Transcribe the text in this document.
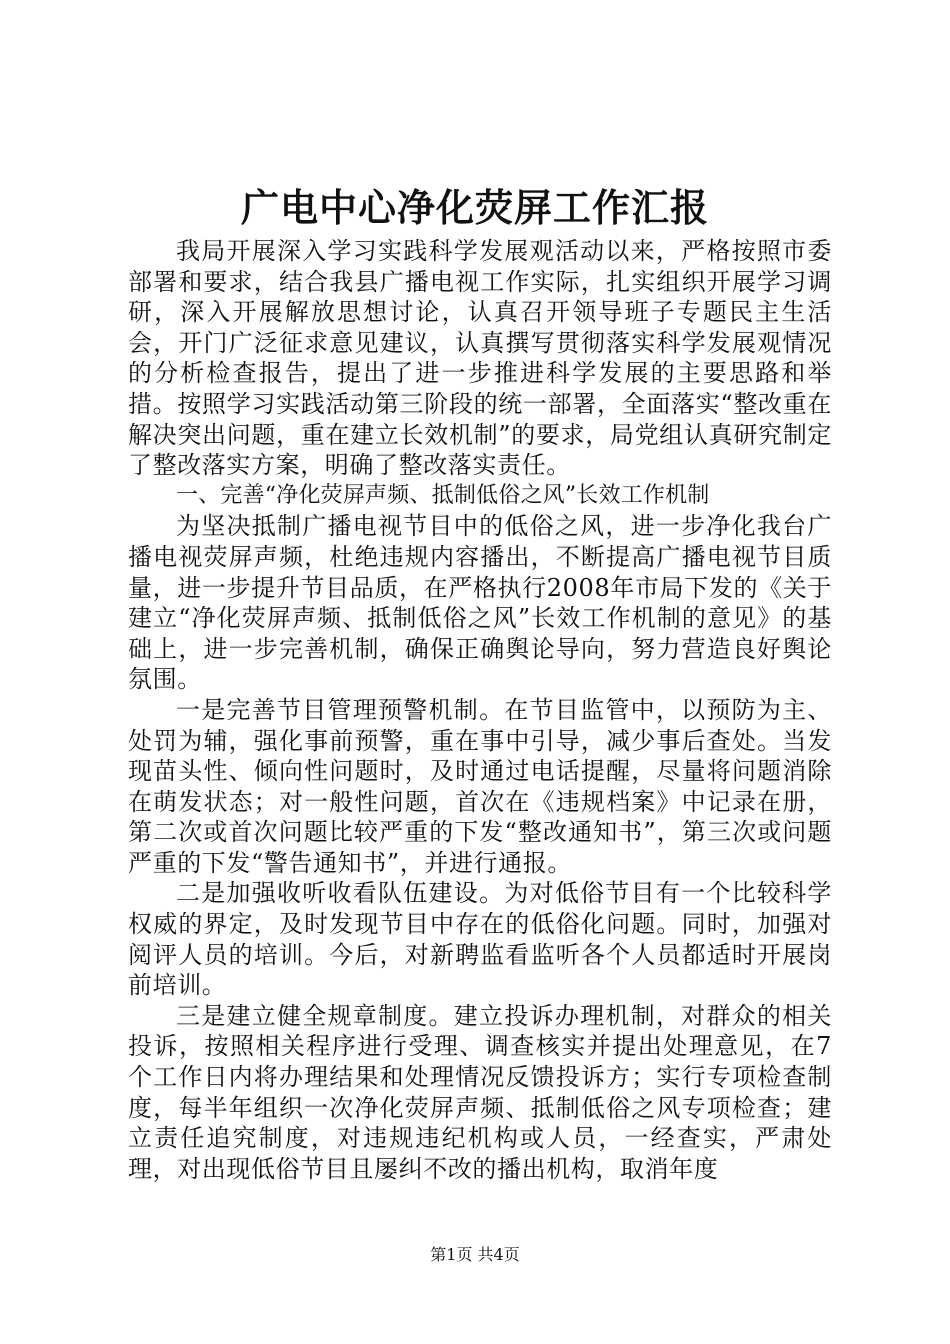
广电中心净化荧屏工作汇报

我局开展深入学习实践科学发展观活动以来，严格按照市委部署和要求，结合我县广播电视工作实际，扎实组织开展学习调研，深入开展解放思想讨论，认真召开领导班子专题民主生活会，开门广泛征求意见建议，认真撰写贯彻落实科学发展观情况的分析检查报告，提出了进一步推进科学发展的主要思路和举措。按照学习实践活动第三阶段的统一部署，全面落实“整改重在解决突出问题，重在建立长效机制”的要求，局党组认真研究制定了整改落实方案，明确了整改落实责任。

一、完善“净化荧屏声频、抵制低俗之风”长效工作机制

为坚决抵制广播电视节目中的低俗之风，进一步净化我台广播电视荧屏声频，杜绝违规内容播出，不断提高广播电视节目质量，进一步提升节目品质，在严格执行2008年市局下发的《关于建立“净化荧屏声频、抵制低俗之风”长效工作机制的意见》的基础上，进一步完善机制，确保正确舆论导向，努力营造良好舆论氛围。

一是完善节目管理预警机制。在节目监管中，以预防为主、处罚为辅，强化事前预警，重在事中引导，减少事后查处。当发现苗头性、倾向性问题时，及时通过电话提醒，尽量将问题消除在萌发状态；对一般性问题，首次在《违规档案》中记录在册，第二次或首次问题比较严重的下发“整改通知书”，第三次或问题严重的下发“警告通知书”，并进行通报。

二是加强收听收看队伍建设。为对低俗节目有一个比较科学权威的界定，及时发现节目中存在的低俗化问题。同时，加强对阅评人员的培训。今后，对新聘监看监听各个人员都适时开展岗前培训。

三是建立健全规章制度。建立投诉办理机制，对群众的相关投诉，按照相关程序进行受理、调查核实并提出处理意见，在7个工作日内将办理结果和处理情况反馈投诉方；实行专项检查制度，每半年组织一次净化荧屏声频、抵制低俗之风专项检查；建立责任追究制度，对违规违纪机构或人员，一经查实，严肃处理，对出现低俗节目且屡纠不改的播出机构，取消年度

第1页 共4页
